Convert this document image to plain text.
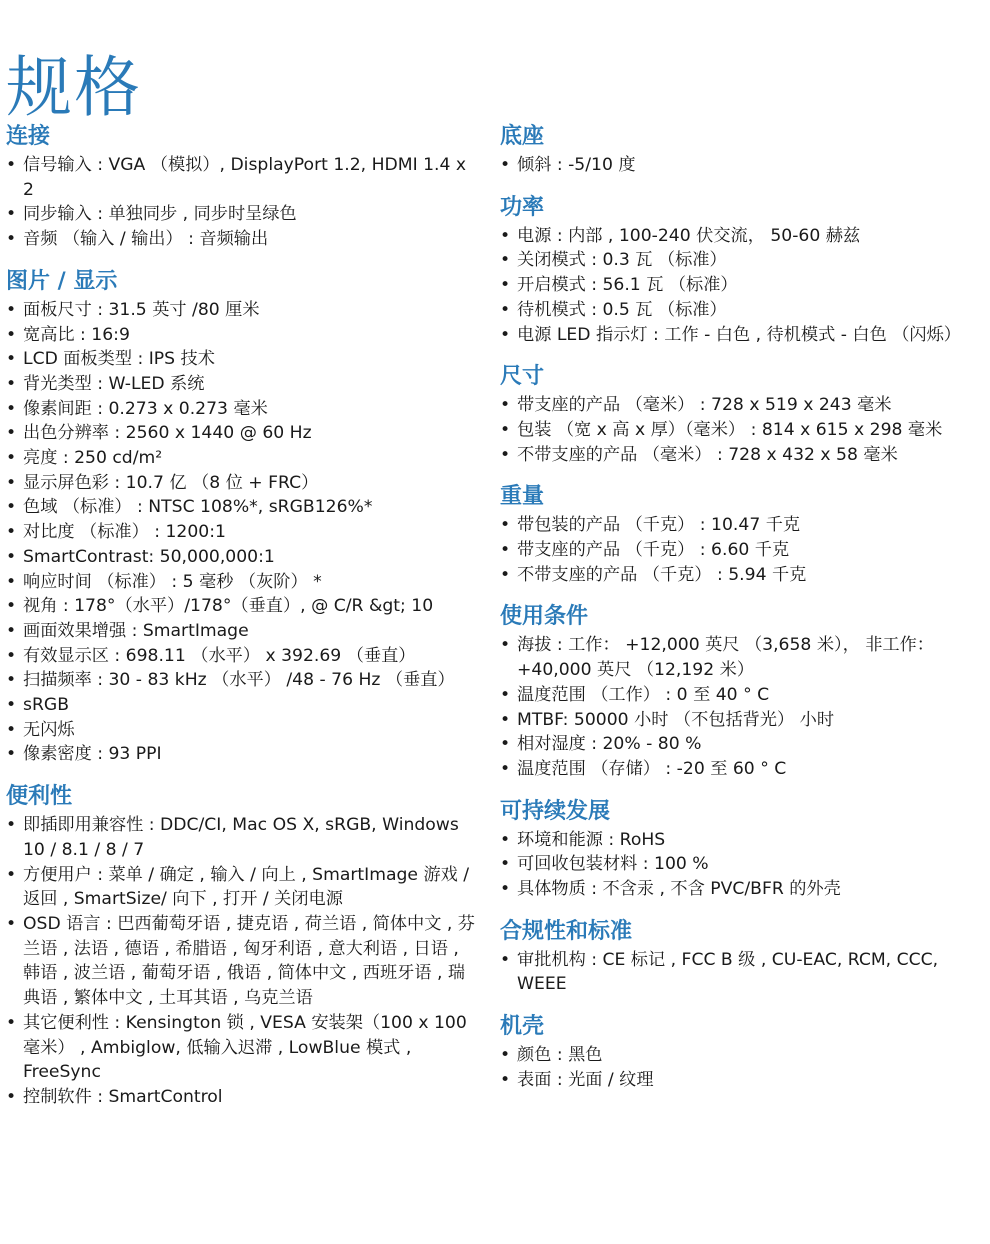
规格
连接
• 信号输入 : VGA （模拟）, DisplayPort 1.2, HDMI 1.4 x 2
• 同步输入 : 单独同步 , 同步时呈绿色
• 音频 （输入 / 输出） : 音频输出
图片 / 显示
• 面板尺寸 : 31.5 英寸 /80 厘米
• 宽高比 : 16:9
• LCD 面板类型 : IPS 技术
• 背光类型 : W-LED 系统
• 像素间距 : 0.273 x 0.273 毫米
• 出色分辨率 : 2560 x 1440 @ 60 Hz
• 亮度 : 250 cd/m²
• 显示屏色彩 : 10.7 亿 （8 位 + FRC）
• 色域 （标准） : NTSC 108%*, sRGB126%*
• 对比度 （标准） : 1200:1
• SmartContrast: 50,000,000:1
• 响应时间 （标准） : 5 毫秒 （灰阶） *
• 视角 : 178°（水平）/178°（垂直）, @ C/R &gt; 10
• 画面效果增强 : SmartImage
• 有效显示区 : 698.11 （水平） x 392.69 （垂直）
• 扫描频率 : 30 - 83 kHz （水平） /48 - 76 Hz （垂直）
• sRGB
• 无闪烁
• 像素密度 : 93 PPI
便利性
• 即插即用兼容性 : DDC/CI, Mac OS X, sRGB, Windows 10 / 8.1 / 8 / 7
• 方便用户 : 菜单 / 确定 , 输入 / 向上 , SmartImage 游戏 / 返回 , SmartSize/ 向下 , 打开 / 关闭电源
• OSD 语言 : 巴西葡萄牙语 , 捷克语 , 荷兰语 , 简体中文 , 芬兰语 , 法语 , 德语 , 希腊语 , 匈牙利语 , 意大利语 , 日语 , 韩语 , 波兰语 , 葡萄牙语 , 俄语 , 简体中文 , 西班牙语 , 瑞典语 , 繁体中文 , 土耳其语 , 乌克兰语
• 其它便利性 : Kensington 锁 , VESA 安装架（100 x 100 毫米） , Ambiglow, 低输入迟滞 , LowBlue 模式 , FreeSync
• 控制软件 : SmartControl
底座
• 倾斜 : -5/10 度
功率
• 电源 : 内部 , 100-240 伏交流， 50-60 赫兹
• 关闭模式 : 0.3 瓦 （标准）
• 开启模式 : 56.1 瓦 （标准）
• 待机模式 : 0.5 瓦 （标准）
• 电源 LED 指示灯 : 工作 - 白色 , 待机模式 - 白色 （闪烁）
尺寸
• 带支座的产品 （毫米） : 728 x 519 x 243 毫米
• 包装 （宽 x 高 x 厚）（毫米） : 814 x 615 x 298 毫米
• 不带支座的产品 （毫米） : 728 x 432 x 58 毫米
重量
• 带包装的产品 （千克） : 10.47 千克
• 带支座的产品 （千克） : 6.60 千克
• 不带支座的产品 （千克） : 5.94 千克
使用条件
• 海拔 : 工作： +12,000 英尺 （3,658 米）， 非工作： +40,000 英尺 （12,192 米）
• 温度范围 （工作） : 0 至 40 ° C
• MTBF: 50000 小时 （不包括背光） 小时
• 相对湿度 : 20% - 80 %
• 温度范围 （存储） : -20 至 60 ° C
可持续发展
• 环境和能源 : RoHS
• 可回收包装材料 : 100 %
• 具体物质 : 不含汞 , 不含 PVC/BFR 的外壳
合规性和标准
• 审批机构 : CE 标记 , FCC B 级 , CU-EAC, RCM, CCC, WEEE
机壳
• 颜色 : 黑色
• 表面 : 光面 / 纹理
